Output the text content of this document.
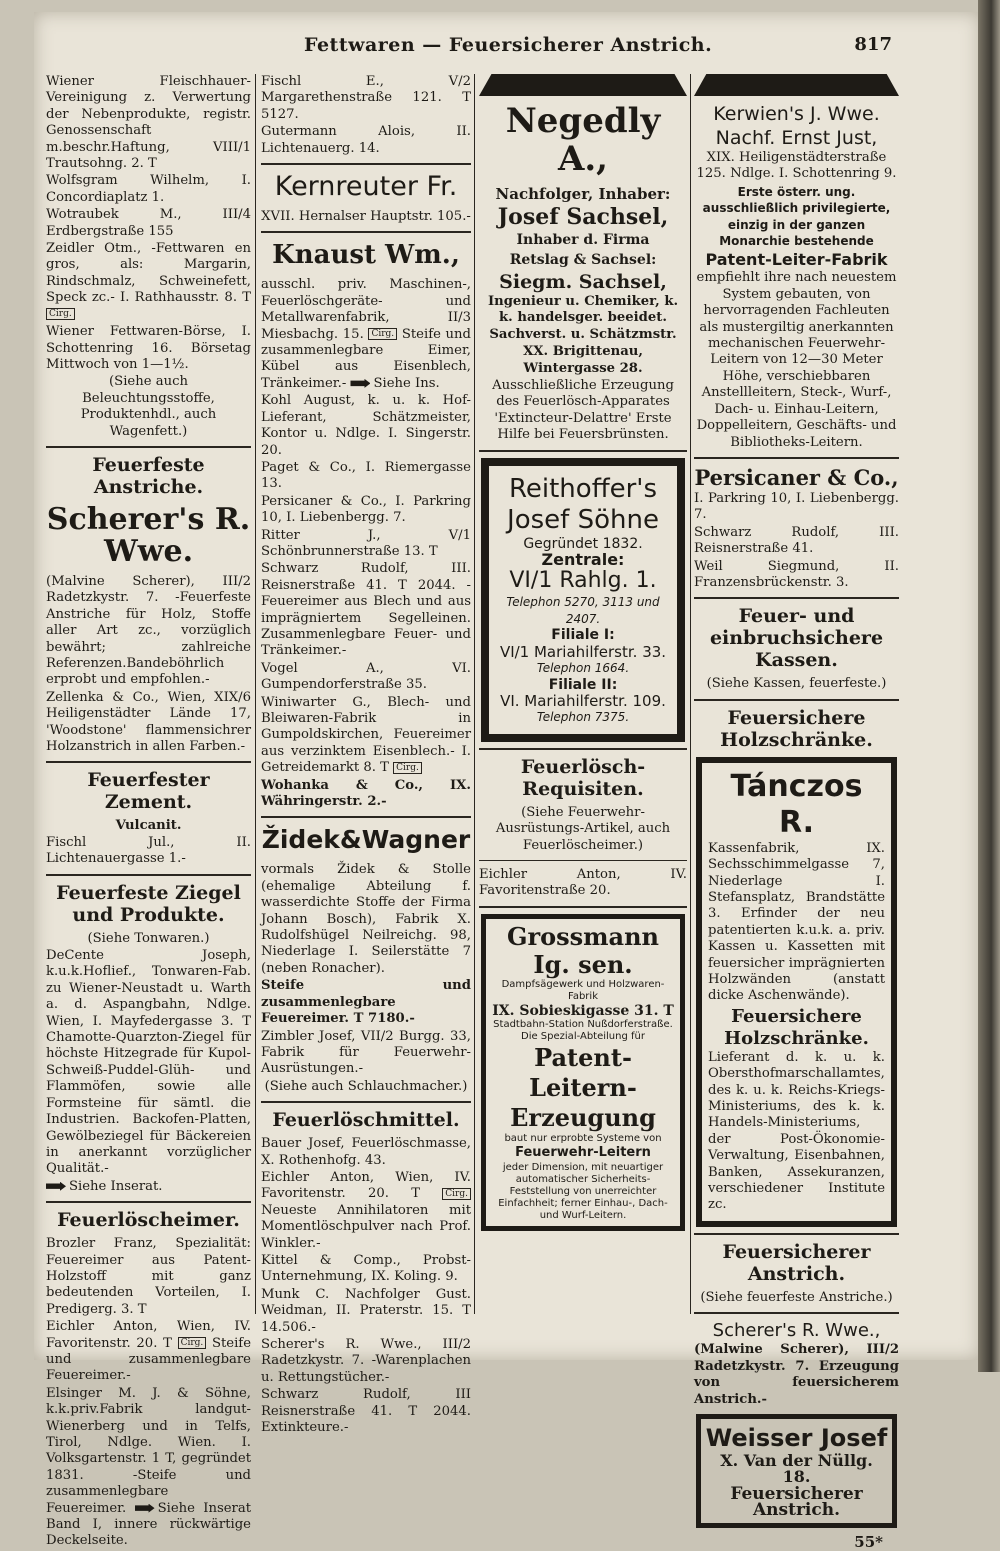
Fettwaren — Feuersicherer Anstrich.	817

Wiener Fleischhauer-Vereinigung z. Verwertung der Nebenprodukte, registr. Genossenschaft m.beschr.Haftung, VIII/1 Trautsohng. 2. T

Wolfsgram Wilhelm, I. Concordiaplatz 1.

Wotraubek M., III/4 Erdbergstraße 155

Zeidler Otm., -Fettwaren en gros, als: Margarin, Rindschmalz, Schweinefett, Speck zc.- I. Rathhausstr. 8. T Cirg.

Wiener Fettwaren-Börse, I. Schottenring 16. Börsetag Mittwoch von 1—1½.

(Siehe auch Beleuchtungsstoffe, Produktenhdl., auch Wagenfett.)

Feuerfeste Anstriche.
Scherer's R. Wwe.

(Malvine Scherer), III/2 Radetzkystr. 7. -Feuerfeste Anstriche für Holz, Stoffe aller Art zc., vorzüglich bewährt; zahlreiche Referenzen.Bandeböhrlich erprobt und empfohlen.-

Zellenka & Co., Wien, XIX/6 Heiligenstädter Lände 17, 'Woodstone' flammensichrer Holzanstrich in allen Farben.-

Feuerfester Zement.
Vulcanit.

Fischl Jul., II. Lichtenauergasse 1.-

Feuerfeste Ziegel und Produkte.

(Siehe Tonwaren.)

DeCente Joseph, k.u.k.Hoflief., Tonwaren-Fab. zu Wiener-Neustadt u. Warth a. d. Aspangbahn, Ndlge. Wien, I. Mayfedergasse 3. T Chamotte-Quarzton-Ziegel für höchste Hitzegrade für Kupol-Schweiß-Puddel-Glüh- und Flammöfen, sowie alle Formsteine für sämtl. die Industrien. Backofen-Platten, Gewölbeziegel für Bäckereien in anerkannt vorzüglicher Qualität.-

Siehe Inserat.

Feuerlöscheimer.

Brozler Franz, Spezialität: Feuereimer aus Patent-Holzstoff mit ganz bedeutenden Vorteilen, I. Predigerg. 3. T

Eichler Anton, Wien, IV. Favoritenstr. 20. T Cirg. Steife und zusammenlegbare Feuereimer.-

Elsinger M. J. & Söhne, k.k.priv.Fabrik landgut-Wienerberg und in Telfs, Tirol, Ndlge. Wien. I. Volksgartenstr. 1 T, gegründet 1831. -Steife und zusammenlegbare Feuereimer. Siehe Inserat Band I, innere rückwärtige Deckelseite.

Fischl E., V/2 Margarethenstraße 121. T 5127.

Gutermann Alois, II. Lichtenauerg. 14.

Kernreuter Fr.

XVII. Hernalser Hauptstr. 105.-

Knaust Wm.,

ausschl. priv. Maschinen-, Feuerlöschgeräte- und Metallwarenfabrik, II/3 Miesbachg. 15. Cirg. Steife und zusammenlegbare Eimer, Kübel aus Eisenblech, Tränkeimer.- Siehe Ins.

Kohl August, k. u. k. Hof-Lieferant, Schätzmeister, Kontor u. Ndlge. I. Singerstr. 20.

Paget & Co., I. Riemergasse 13.

Persicaner & Co., I. Parkring 10, I. Liebenbergg. 7.

Ritter J., V/1 Schönbrunnerstraße 13. T

Schwarz Rudolf, III. Reisnerstraße 41. T 2044. -Feuereimer aus Blech und aus imprägniertem Segelleinen. Zusammenlegbare Feuer- und Tränkeimer.-

Vogel A., VI. Gumpendorferstraße 35.

Winiwarter G., Blech- und Bleiwaren-Fabrik in Gumpoldskirchen, Feuereimer aus verzinktem Eisenblech.- I. Getreidemarkt 8. T Cirg.

Wohanka & Co., IX. Währingerstr. 2.-

Židek&Wagner

vormals Židek & Stolle (ehemalige Abteilung f. wasserdichte Stoffe der Firma Johann Bosch), Fabrik X. Rudolfshügel Neilreichg. 98, Niederlage I. Seilerstätte 7 (neben Ronacher).

Steife und zusammenlegbare Feuereimer. T 7180.-

Zimbler Josef, VII/2 Burgg. 33, Fabrik für Feuerwehr-Ausrüstungen.-

(Siehe auch Schlauchmacher.)

Feuerlöschmittel.

Bauer Josef, Feuerlöschmasse, X. Rothenhofg. 43.

Eichler Anton, Wien, IV. Favoritenstr. 20. T	Cirg. Neueste Annihilatoren mit Momentlöschpulver nach Prof. Winkler.-

Kittel & Comp., Probst-Unternehmung, IX. Koling. 9.

Munk C. Nachfolger Gust. Weidman, II. Praterstr. 15. T 14.506.-

Scherer's R. Wwe., III/2 Radetzkystr. 7. -Warenplachen u. Rettungstücher.-

Schwarz Rudolf, III Reisnerstraße 41. T 2044. Extinkteure.-

Negedly A.,
Nachfolger, Inhaber:
Josef Sachsel,
Inhaber d. Firma
Retslag & Sachsel:
Siegm. Sachsel,

Ingenieur u. Chemiker, k. k. handelsger. beeidet. Sachverst. u. Schätzmstr.

XX. Brigittenau, Wintergasse 28.

Ausschließliche Erzeugung des Feuerlösch-Apparates 'Extincteur-Delattre' Erste Hilfe bei Feuersbrünsten.

Reithoffer's
Josef Söhne
Gegründet 1832.
Zentrale:
VI/1 Rahlg. 1.
Telephon 5270, 3113 und 2407.
Filiale I:
VI/1 Mariahilferstr. 33.
Telephon 1664.
Filiale II:
VI. Mariahilferstr. 109.
Telephon 7375.
Feuerlösch-Requisiten.

(Siehe Feuerwehr-Ausrüstungs-Artikel, auch Feuerlöscheimer.)

Eichler Anton, IV. Favoritenstraße 20.

Grossmann Ig. sen.
Dampfsägewerk und Holzwaren-Fabrik
IX. Sobieskigasse 31. T
Stadtbahn-Station Nußdorferstraße.
Die Spezial-Abteilung für
Patent-Leitern-Erzeugung
baut nur erprobte Systeme von
Feuerwehr-Leitern
jeder Dimension, mit neuartiger automatischer Sicherheits-Feststellung von unerreichter Einfachheit; ferner Einhau-, Dach- und Wurf-Leitern.
Kerwien's J. Wwe.
Nachf. Ernst Just,

XIX. Heiligenstädterstraße 125. Ndlge. I. Schottenring 9.

Erste österr. ung. ausschließlich privilegierte, einzig in der ganzen Monarchie bestehende

Patent-Leiter-Fabrik

empfiehlt ihre nach neuestem System gebauten, von hervorragenden Fachleuten als mustergiltig anerkannten mechanischen Feuerwehr-Leitern von 12—30 Meter Höhe, verschiebbaren Anstellleitern, Steck-, Wurf-, Dach- u. Einhau-Leitern, Doppelleitern, Geschäfts- und Bibliotheks-Leitern.

Persicaner & Co.,

I. Parkring 10, I. Liebenbergg. 7.

Schwarz Rudolf, III. Reisnerstraße 41.

Weil Siegmund, II. Franzensbrückenstr. 3.

Feuer- und einbruchsichere Kassen.

(Siehe Kassen, feuerfeste.)

Feuersichere Holzschränke.
Tánczos R.

Kassenfabrik, IX. Sechsschimmelgasse 7, Niederlage I. Stefansplatz, Brandstätte 3. Erfinder der neu patentierten k.u.k. a. priv. Kassen u. Kassetten mit feuersicher imprägnierten Holzwänden (anstatt dicke Aschenwände).

Feuersichere Holzschränke.

Lieferant d. k. u. k. Obersthofmarschallamtes, des k. u. k. Reichs-Kriegs-Ministeriums, des k. k. Handels-Ministeriums, der Post-Ökonomie-Verwaltung, Eisenbahnen, Banken, Assekuranzen, verschiedener Institute zc.

Feuersicherer Anstrich.

(Siehe feuerfeste Anstriche.)

Scherer's R. Wwe.,

(Malwine Scherer), III/2 Radetzkystr. 7. Erzeugung von feuersicherem Anstrich.-

Weisser Josef
X. Van der Nüllg. 18.
Feuersicherer Anstrich.
55*
